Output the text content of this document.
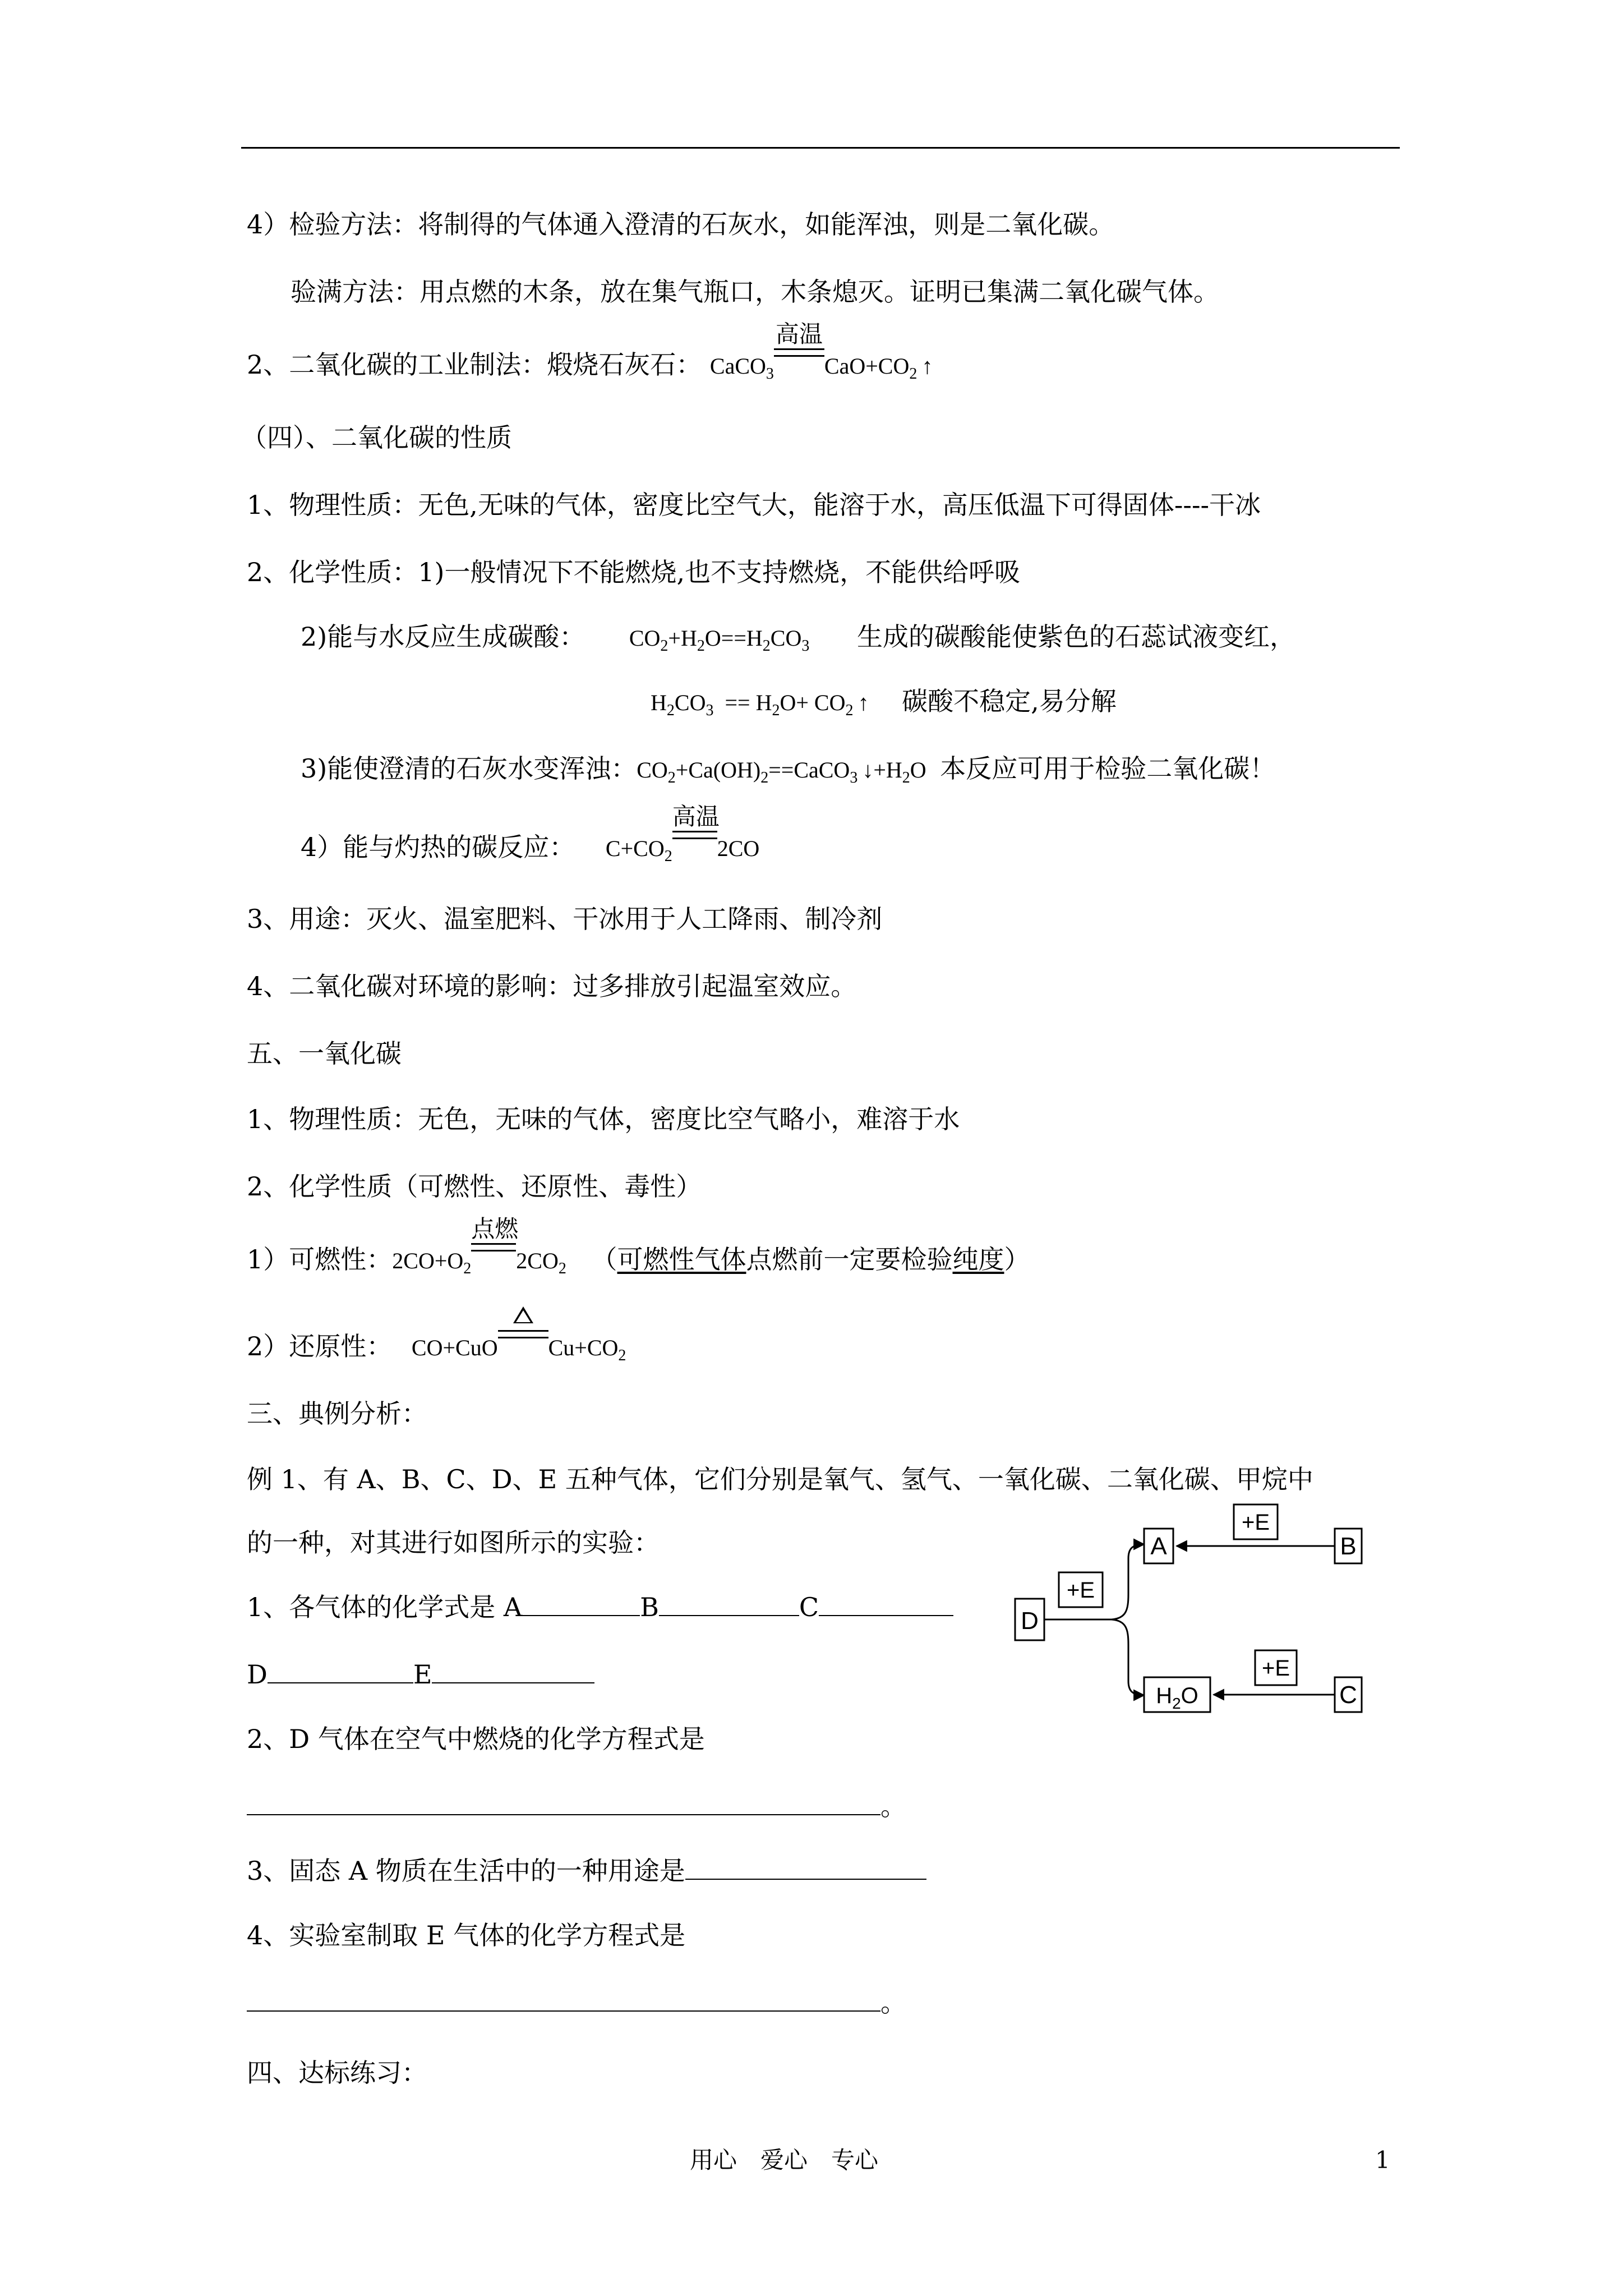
4）检验方法：将制得的气体通入澄清的石灰水，如能浑浊，则是二氧化碳。
验满方法：用点燃的木条，放在集气瓶口，木条熄灭。证明已集满二氧化碳气体。
2、二氧化碳的工业制法：煅烧石灰石： CaCO$_3$
高温
$CaO+CO_2$ ↑
（四）、二氧化碳的性质
1、物理性质：无色,无味的气体，密度比空气大，能溶于水，高压低温下可得固体----干冰
2、化学性质：1)一般情况下不能燃烧,也不支持燃烧，不能供给呼吸
2)能与水反应生成碳酸： $CO_2+H_2O==H_2CO_3$ 生成的碳酸能使紫色的石蕊试液变红，
$H_2CO_3 == H_2O+ CO_2$ ↑ 碳酸不稳定,易分解
3)能使澄清的石灰水变浑浊：$CO_2+Ca(OH)_2==CaCO_3$ $↓+H_2O$ 本反应可用于检验二氧化碳！
4）能与灼热的碳反应： $C+CO_2$
高温
2CO
3、用途：灭火、温室肥料、干冰用于人工降雨、制冷剂
4、二氧化碳对环境的影响：过多排放引起温室效应。
五、一氧化碳
1、物理性质：无色，无味的气体，密度比空气略小，难溶于水
2、化学性质（可燃性、还原性、毒性）
1）可燃性：$2CO+O_2$
点燃
$2CO_2$ （可燃性气体点燃前一定要检验纯度）
2）还原性： CO+CuO $Cu+CO_2$
三、典例分析：
例 1、有 A、B、C、D、E 五种气体，它们分别是氧气、氢气、一氧化碳、二氧化碳、甲烷中
的一种，对其进行如图所示的实验：
1、各气体的化学式是 A	B	C
D	E
2、D 气体在空气中燃烧的化学方程式是
。
3、固态 A 物质在生活中的一种用途是
4、实验室制取 E 气体的化学方程式是
。
四、达标练习：
D
+E
A
+E
B
$H_2O$
+E
C
用心　爱心　专心	1
